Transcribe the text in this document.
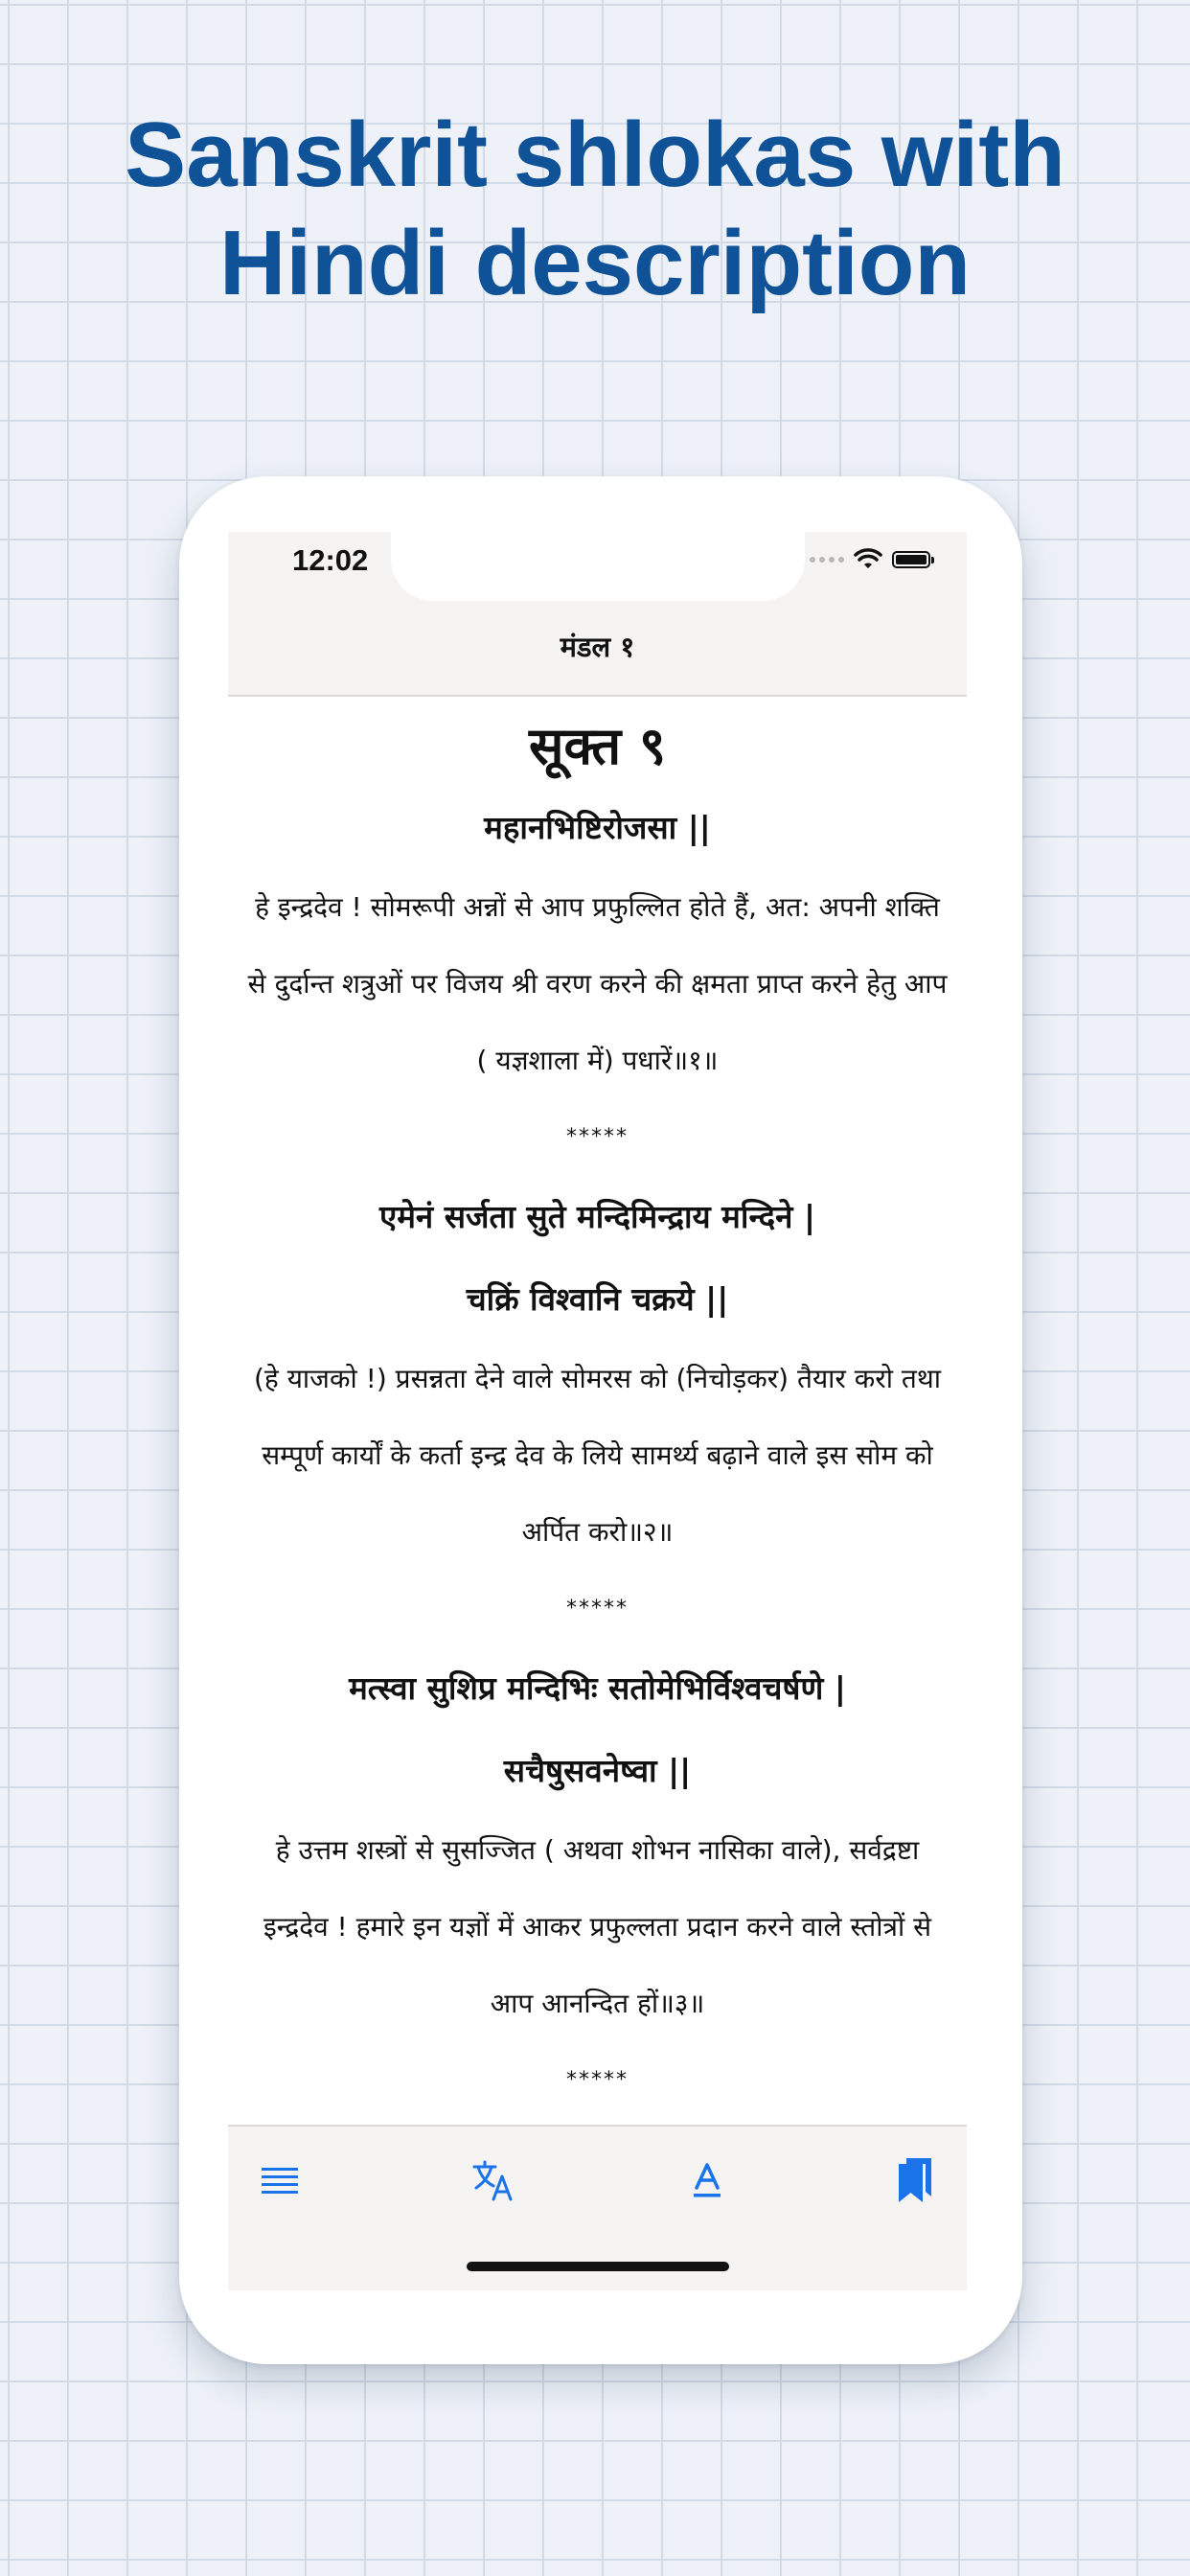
Sanskrit shlokas with
Hindi description
12:02
मंडल १
सूक्त ९
महानभिष्टिरोजसा ||
हे इन्द्रदेव ! सोमरूपी अन्नों से आप प्रफुल्लित होते हैं, अत: अपनी शक्ति
से दुर्दान्त शत्रुओं पर विजय श्री वरण करने की क्षमता प्राप्त करने हेतु आप
( यज्ञशाला में) पधारें॥१॥
*****
एमेनं सर्जता सुते मन्दिमिन्द्राय मन्दिने |
चक्रिं विश्वानि चक्रये ||
(हे याजको !) प्रसन्नता देने वाले सोमरस को (निचोड़कर) तैयार करो तथा
सम्पूर्ण कार्यों के कर्ता इन्द्र देव के लिये सामर्थ्य बढ़ाने वाले इस सोम को
अर्पित करो॥२॥
*****
मत्स्वा सुशिप्र मन्दिभिः सतोमेभिर्विश्वचर्षणे |
सचैषुसवनेष्वा ||
हे उत्तम शस्त्रों से सुसज्जित ( अथवा शोभन नासिका वाले), सर्वद्रष्टा
इन्द्रदेव ! हमारे इन यज्ञों में आकर प्रफुल्लता प्रदान करने वाले स्तोत्रों से
आप आनन्दित हों॥३॥
*****
